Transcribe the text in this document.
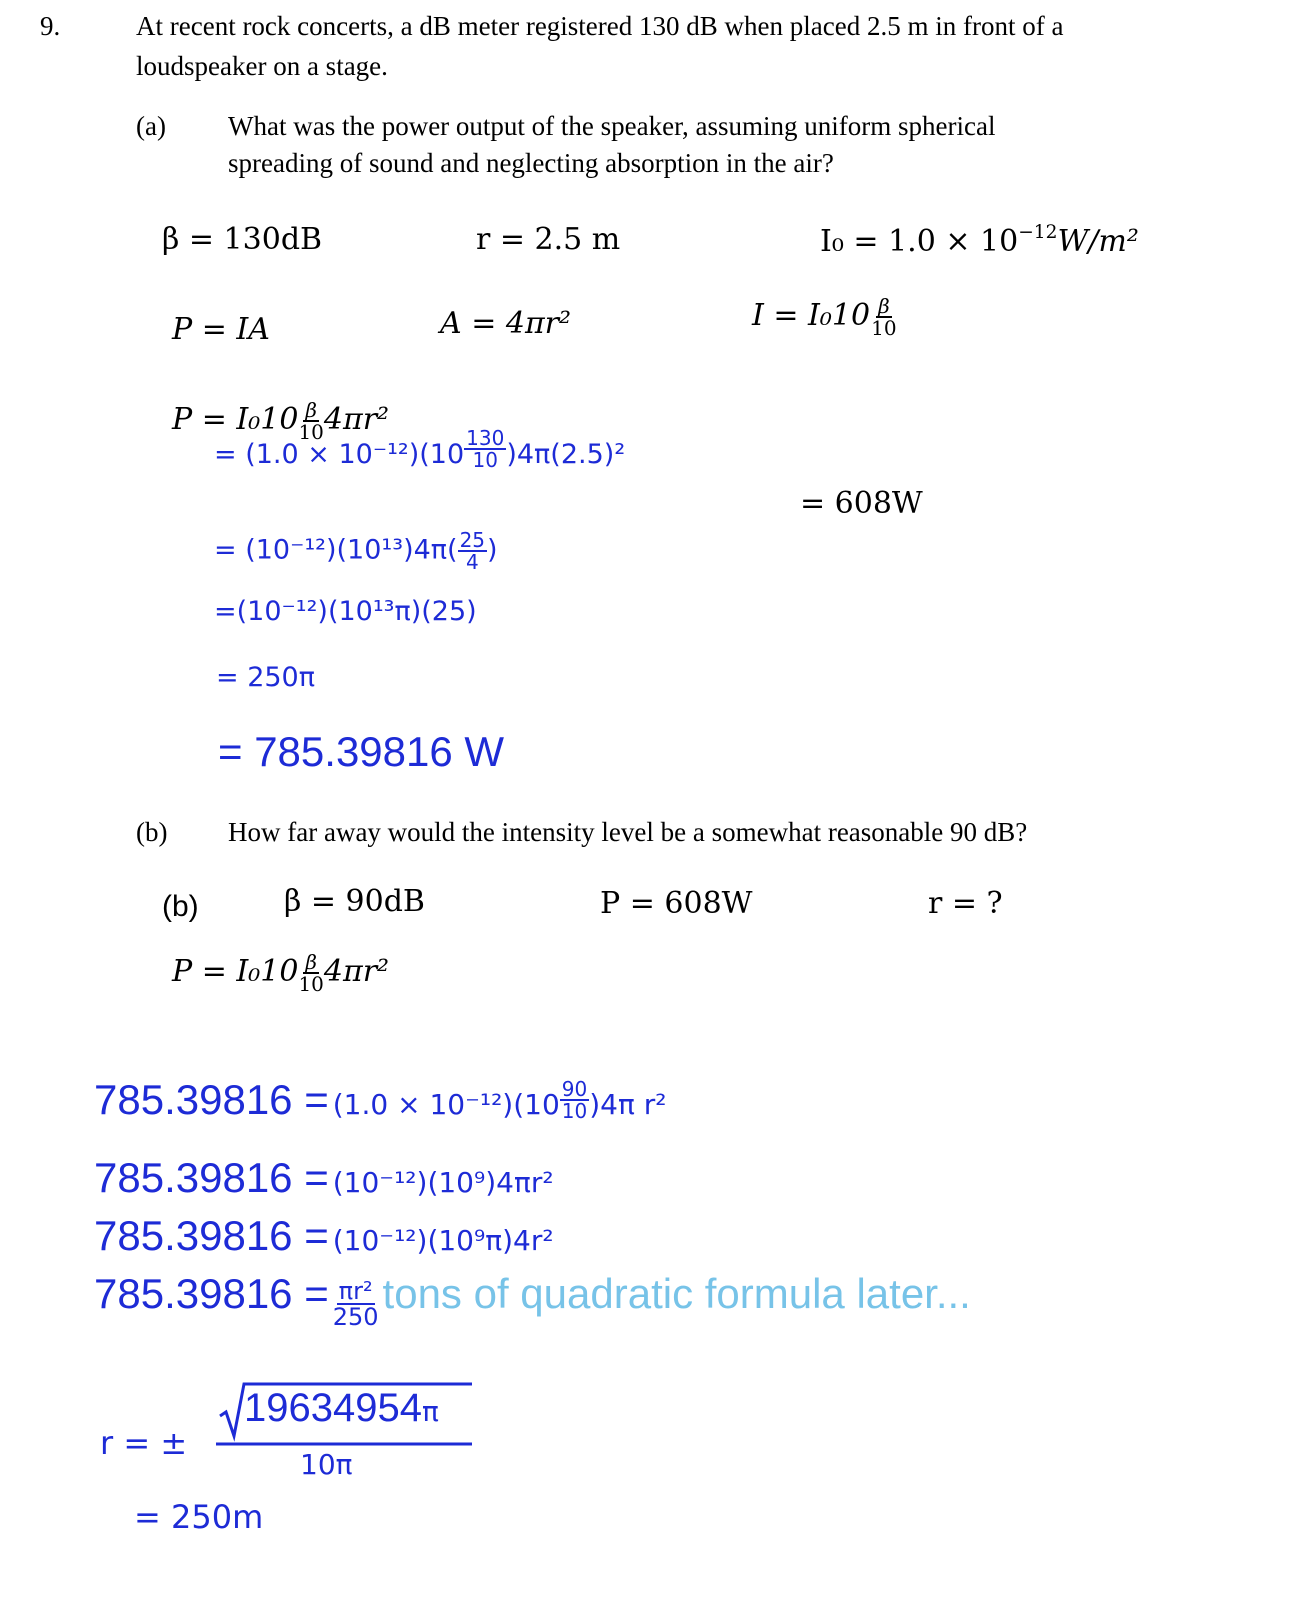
9.	At recent rock concerts, a dB meter registered 130 dB when placed 2.5 m in front of a
loudspeaker on a stage.
(a) What was the power output of the speaker, assuming uniform spherical
spreading of sound and neglecting absorption in the air?
β = 130dB	r = 2.5 m	$I_0 = 1.0 \times 10^{-12}W/m^2$
P = IA	A = 4πr²	$I = I_010 \frac{\beta}{10}$
$P = I_010 \frac{\beta}{10} 4\pi r^2$
= $(1.0 \times 10^{-12})(10 \frac{130}{10} )4\pi(2.5)^2$
= 608W
= $(10^{-12})(10^{13})4\pi( \frac{25}{4}$ )
=(10⁻¹²)(10¹³π)(25)
= 250π
= 785.39816 W
(b) How far away would the intensity level be a somewhat reasonable 90 dB?
(b)	β = 90dB	P = 608W	r = ?
$P = I_010 \frac{\beta}{10} 4\pi r^2$
$785.39816 = (1.0 \times 10^{-12})(10 \frac{90}{10} )4\pi$ r²
785.39816 = (10⁻¹²)(10⁹)4πr²
785.39816 = (10⁻¹²)(10⁹π)4r²
$785.39816 = \frac{\text{πr²}}{250}$ tons of quadratic formula later...
r = ±
19634954π
10π
= 250m
